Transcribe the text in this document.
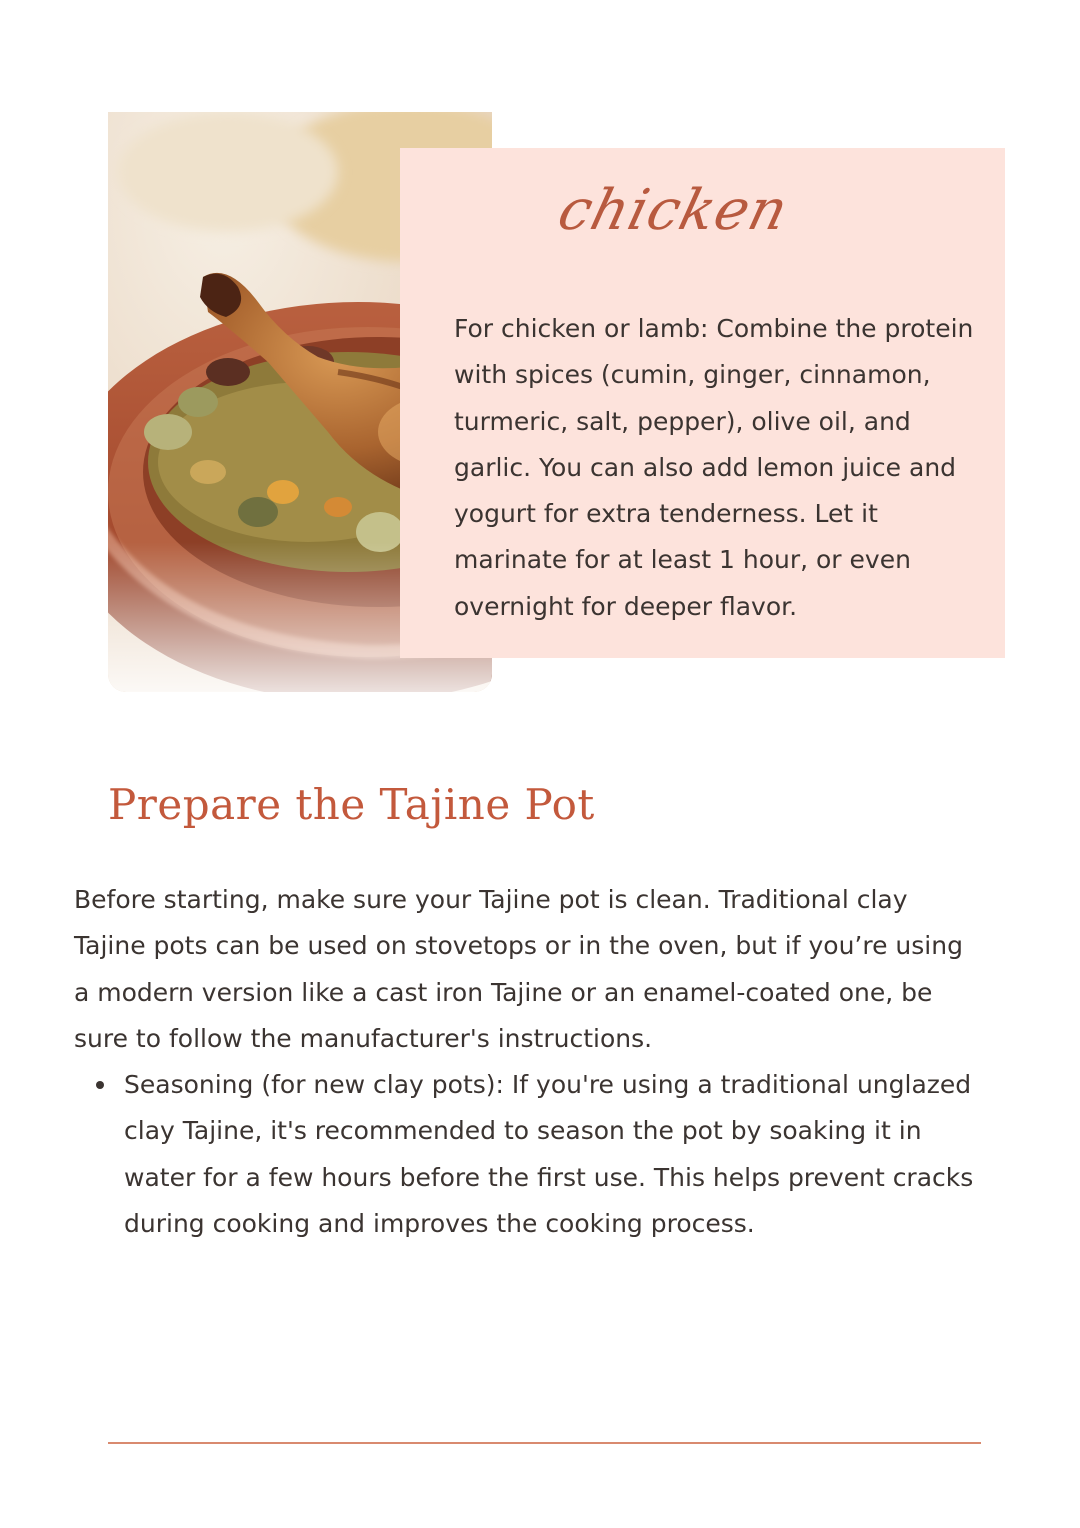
chicken

For chicken or lamb: Combine the protein with spices (cumin, ginger, cinnamon, turmeric, salt, pepper), olive oil, and garlic. You can also add lemon juice and yogurt for extra tenderness. Let it marinate for at least 1 hour, or even overnight for deeper flavor.

Prepare the Tajine Pot

Before starting, make sure your Tajine pot is clean. Traditional clay Tajine pots can be used on stovetops or in the oven, but if you’re using a modern version like a cast iron Tajine or an enamel-coated one, be sure to follow the manufacturer's instructions.

Seasoning (for new clay pots): If you're using a traditional unglazed clay Tajine, it's recommended to season the pot by soaking it in water for a few hours before the first use. This helps prevent cracks during cooking and improves the cooking process.
